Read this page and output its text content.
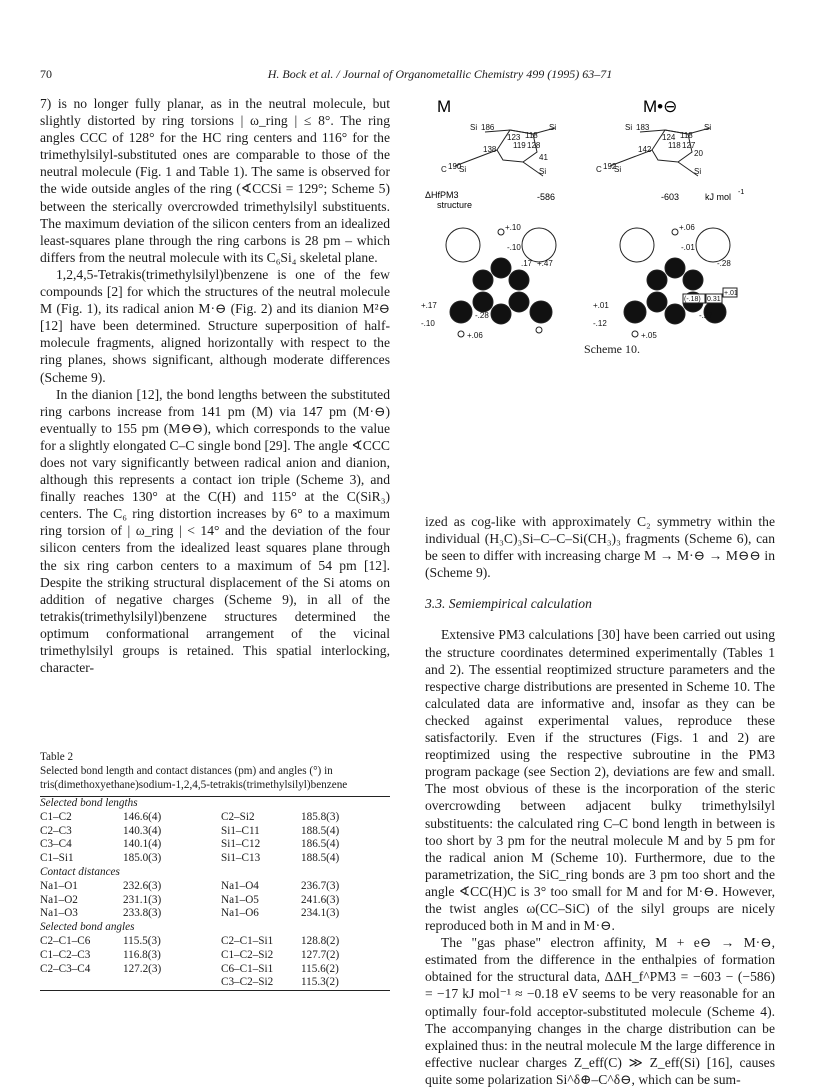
70	H. Bock et al. / Journal of Organometallic Chemistry 499 (1995) 63–71

7) is no longer fully planar, as in the neutral molecule, but slightly distorted by ring torsions | ω_ring | ≤ 8°. The ring angles CCC of 128° for the HC ring centers and 116° for the trimethylsilyl-substituted ones are comparable to those of the neutral molecule (Fig. 1 and Table 1). The same is observed for the wide outside angles of the ring (∢CCSi = 129°; Scheme 5) between the sterically overcrowded trimethylsilyl substituents. The maximum deviation of the silicon centers from an idealized least-squares plane through the ring carbons is 28 pm – which differs from the neutral molecule with its C₆Si₄ skeletal plane.

1,2,4,5-Tetrakis(trimethylsilyl)benzene is one of the few compounds [2] for which the structures of the neutral molecule M (Fig. 1), its radical anion M·⊖ (Fig. 2) and its dianion M²⊖ [12] have been determined. Structure superposition of half-molecule fragments, aligned horizontally with respect to the ring planes, shows significant, although moderate differences (Scheme 9).

In the dianion [12], the bond lengths between the substituted ring carbons increase from 141 pm (M) via 147 pm (M·⊖) eventually to 155 pm (M⊖⊖), which corresponds to the value for a slightly elongated C–C single bond [29]. The angle ∢CCC does not vary significantly between radical anion and dianion, although this represents a contact ion triple (Scheme 3), and finally reaches 130° at the C(H) and 115° at the C(SiR₃) centers. The C₆ ring distortion increases by 6° to a maximum ring torsion of | ω_ring | < 14° and the deviation of the four silicon centers from the idealized least squares plane through the six ring carbon centers to a maximum of 54 pm [12]. Despite the striking structural displacement of the Si atoms on addition of negative charges (Scheme 9), in all of the tetrakis(trimethylsilyl)benzene structures determined the optimum conformational arrangement of the vicinal trimethylsilyl groups is retained. This spatial interlocking, character-

M	M•⊖
Si 186
123 118
Si
128
119
138
41
C 190
Si	Si
Si 183
124 118
Si
127
118
142	20
C 192
Si	Si
ΔHfPM3
structure
-586	-603	kJ mol -1
+.10
-.10
.17 +.47
+.17
-.28
-.10
+.06
+.06
-.01
-.28
+.01
-.27
-.12
+.05
(-.18) 0.31
+.01
Scheme 10.

ized as cog-like with approximately C₂ symmetry within the individual (H₃C)₃Si–C–C–Si(CH₃)₃ fragments (Scheme 6), can be seen to differ with increasing charge M → M·⊖ → M⊖⊖ in (Scheme 9).

3.3. Semiempirical calculation

Extensive PM3 calculations [30] have been carried out using the structure coordinates determined experimentally (Tables 1 and 2). The essential reoptimized structure parameters and the respective charge distributions are presented in Scheme 10. The calculated data are informative and, insofar as they can be checked against experimental values, reproduce these satisfactorily. Even if the structures (Figs. 1 and 2) are reoptimized using the respective subroutine in the PM3 program package (see Section 2), deviations are few and small. The most obvious of these is the incorporation of the steric overcrowding between adjacent bulky trimethylsilyl substituents: the calculated ring C–C bond length in between is too short by 3 pm for the neutral molecule M and by 5 pm for the radical anion M (Scheme 10). Furthermore, due to the parametrization, the SiC_ring bonds are 3 pm too short and the angle ∢CC(H)C is 3° too small for M and for M·⊖. However, the twist angles ω(CC–SiC) of the silyl groups are nicely reproduced both in M and in M·⊖.

The "gas phase" electron affinity, M + e⊖ → M·⊖, estimated from the difference in the enthalpies of formation obtained for the structural data, ΔΔH_f^PM3 = −603 − (−586) = −17 kJ mol⁻¹ ≈ −0.18 eV seems to be very reasonable for an optimally four-fold acceptor-substituted molecule (Scheme 4). The accompanying changes in the charge distribution can be explained thus: in the neutral molecule M the large difference in effective nuclear charges Z_eff(C) ≫ Z_eff(Si) [16], causes quite some polarization Si^δ⊕–C^δ⊖, which can be sum-

Table 2

Selected bond length and contact distances (pm) and angles (°) in tris(dimethoxyethane)sodium-1,2,4,5-tetrakis(trimethylsilyl)benzene

Selected bond lengths			
C1–C2	146.6(4)	C2–Si2	185.8(3)
C2–C3	140.3(4)	Si1–C11	188.5(4)
C3–C4	140.1(4)	Si1–C12	186.5(4)
C1–Si1	185.0(3)	Si1–C13	188.5(4)
Contact distances			
Na1–O1	232.6(3)	Na1–O4	236.7(3)
Na1–O2	231.1(3)	Na1–O5	241.6(3)
Na1–O3	233.8(3)	Na1–O6	234.1(3)
Selected bond angles			
C2–C1–C6	115.5(3)	C2–C1–Si1	128.8(2)
C1–C2–C3	116.8(3)	C1–C2–Si2	127.7(2)
C2–C3–C4	127.2(3)	C6–C1–Si1	115.6(2)
		C3–C2–Si2	115.3(2)
